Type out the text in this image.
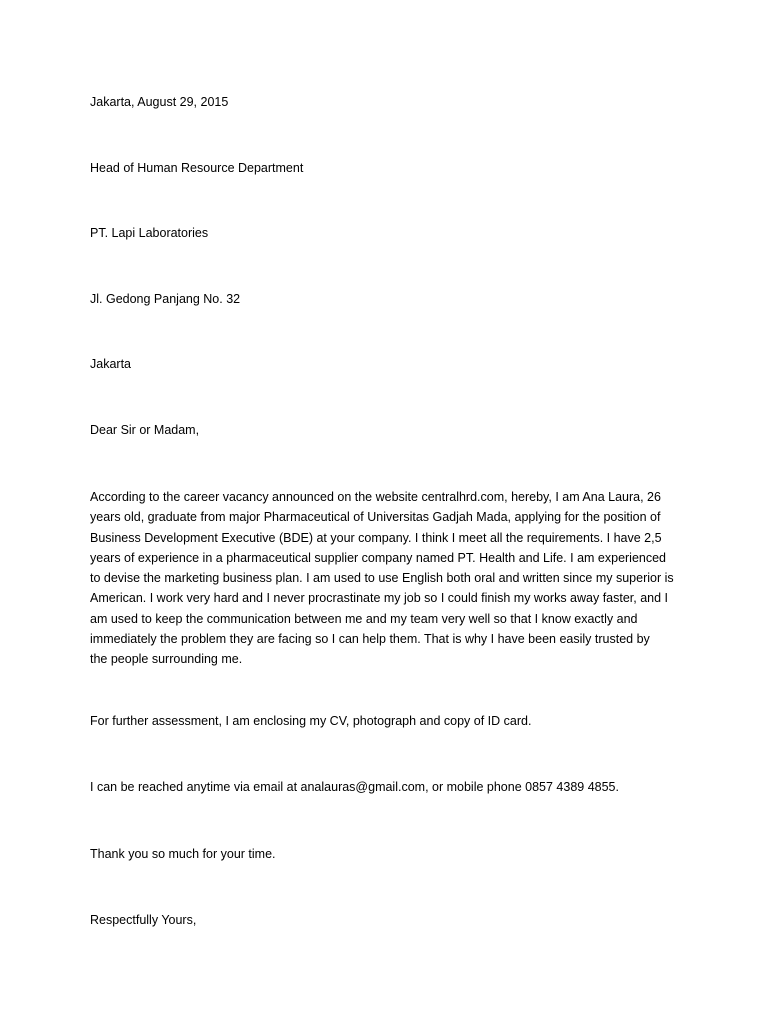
Jakarta, August 29, 2015

Head of Human Resource Department

PT. Lapi Laboratories

Jl. Gedong Panjang No. 32

Jakarta

Dear Sir or Madam,

According to the career vacancy announced on the website centralhrd.com, hereby, I am Ana Laura, 26
years old, graduate from major Pharmaceutical of Universitas Gadjah Mada, applying for the position of
Business Development Executive (BDE) at your company. I think I meet all the requirements. I have 2,5
years of experience in a pharmaceutical supplier company named PT. Health and Life. I am experienced
to devise the marketing business plan. I am used to use English both oral and written since my superior is
American. I work very hard and I never procrastinate my job so I could finish my works away faster, and I
am used to keep the communication between me and my team very well so that I know exactly and
immediately the problem they are facing so I can help them. That is why I have been easily trusted by
the people surrounding me.

For further assessment, I am enclosing my CV, photograph and copy of ID card.

I can be reached anytime via email at analauras@gmail.com, or mobile phone 0857 4389 4855.

Thank you so much for your time.

Respectfully Yours,
